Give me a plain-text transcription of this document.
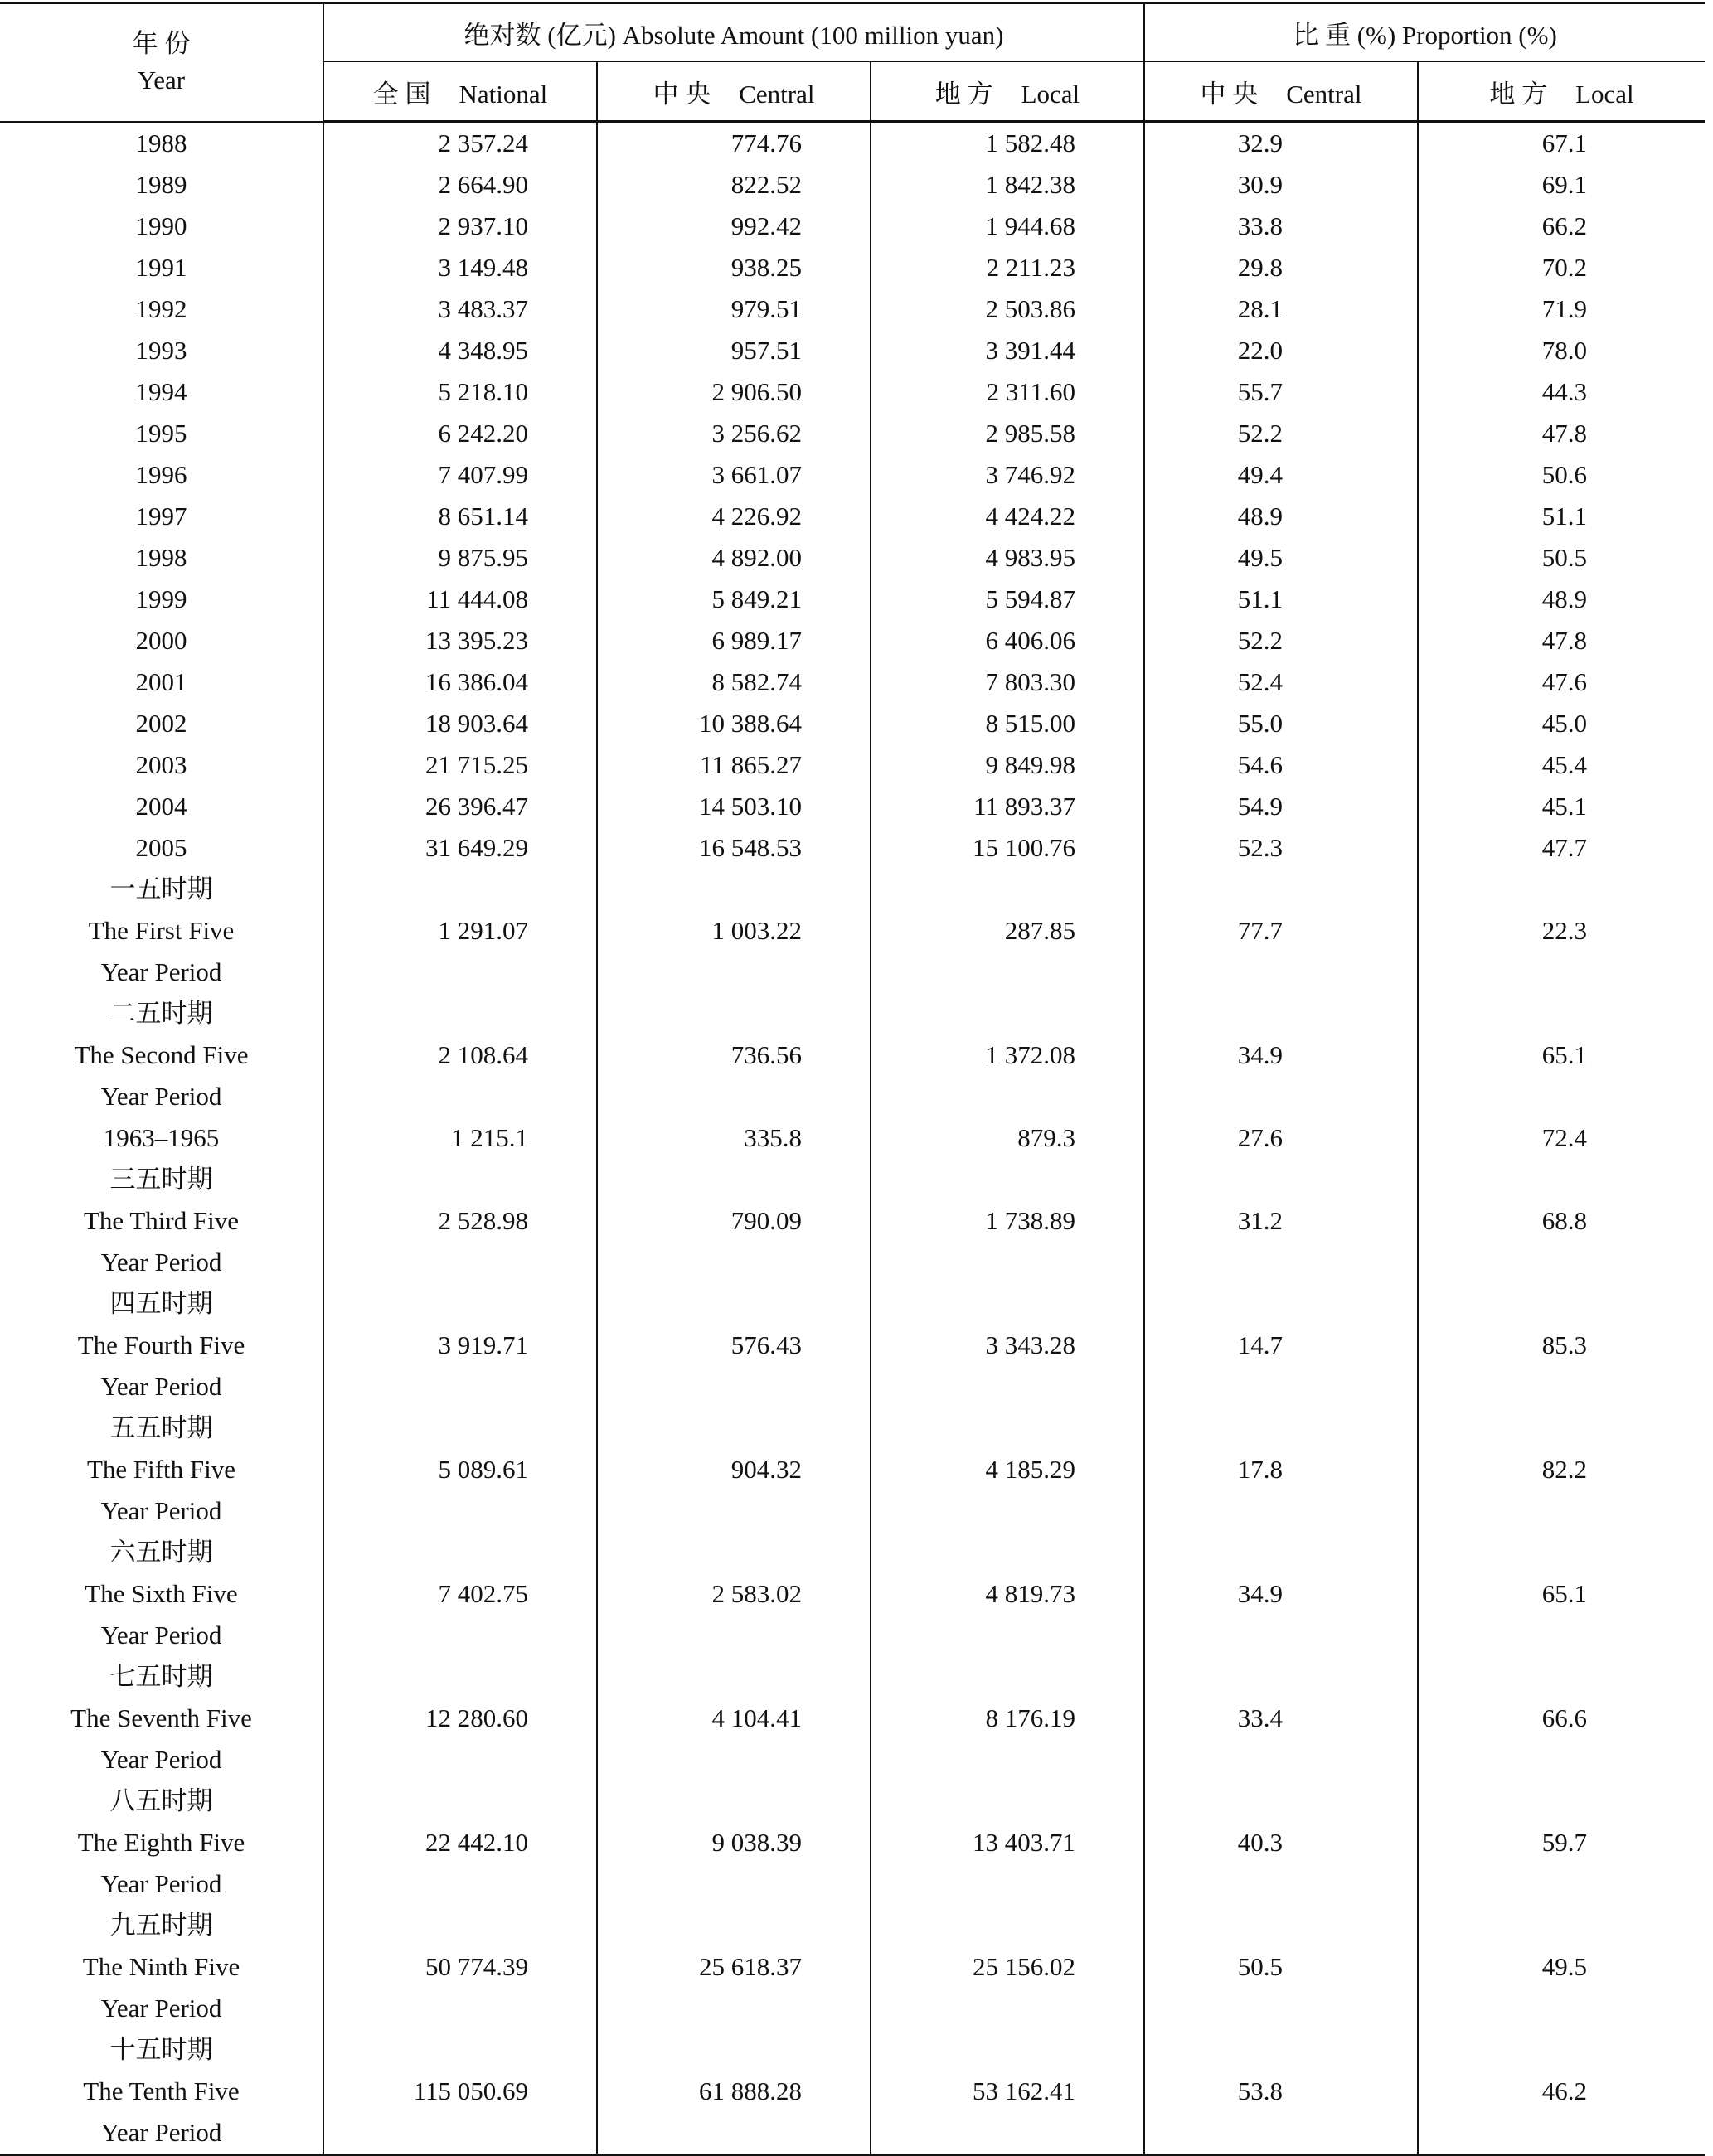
年 份
Year	绝对数 (亿元) Absolute Amount (100 million yuan)			比 重 (%) Proportion (%)	
	全 国 National	中 央 Central	地 方 Local	中 央 Central	地 方 Local
1988	2 357.24	774.76	1 582.48	32.9	67.1
1989	2 664.90	822.52	1 842.38	30.9	69.1
1990	2 937.10	992.42	1 944.68	33.8	66.2
1991	3 149.48	938.25	2 211.23	29.8	70.2
1992	3 483.37	979.51	2 503.86	28.1	71.9
1993	4 348.95	957.51	3 391.44	22.0	78.0
1994	5 218.10	2 906.50	2 311.60	55.7	44.3
1995	6 242.20	3 256.62	2 985.58	52.2	47.8
1996	7 407.99	3 661.07	3 746.92	49.4	50.6
1997	8 651.14	4 226.92	4 424.22	48.9	51.1
1998	9 875.95	4 892.00	4 983.95	49.5	50.5
1999	11 444.08	5 849.21	5 594.87	51.1	48.9
2000	13 395.23	6 989.17	6 406.06	52.2	47.8
2001	16 386.04	8 582.74	7 803.30	52.4	47.6
2002	18 903.64	10 388.64	8 515.00	55.0	45.0
2003	21 715.25	11 865.27	9 849.98	54.6	45.4
2004	26 396.47	14 503.10	11 893.37	54.9	45.1
2005	31 649.29	16 548.53	15 100.76	52.3	47.7
一五时期					
The First Five	1 291.07	1 003.22	287.85	77.7	22.3
Year Period					
二五时期					
The Second Five	2 108.64	736.56	1 372.08	34.9	65.1
Year Period					
1963–1965	1 215.1	335.8	879.3	27.6	72.4
三五时期					
The Third Five	2 528.98	790.09	1 738.89	31.2	68.8
Year Period					
四五时期					
The Fourth Five	3 919.71	576.43	3 343.28	14.7	85.3
Year Period					
五五时期					
The Fifth Five	5 089.61	904.32	4 185.29	17.8	82.2
Year Period					
六五时期					
The Sixth Five	7 402.75	2 583.02	4 819.73	34.9	65.1
Year Period					
七五时期					
The Seventh Five	12 280.60	4 104.41	8 176.19	33.4	66.6
Year Period					
八五时期					
The Eighth Five	22 442.10	9 038.39	13 403.71	40.3	59.7
Year Period					
九五时期					
The Ninth Five	50 774.39	25 618.37	25 156.02	50.5	49.5
Year Period					
十五时期					
The Tenth Five	115 050.69	61 888.28	53 162.41	53.8	46.2
Year Period					
